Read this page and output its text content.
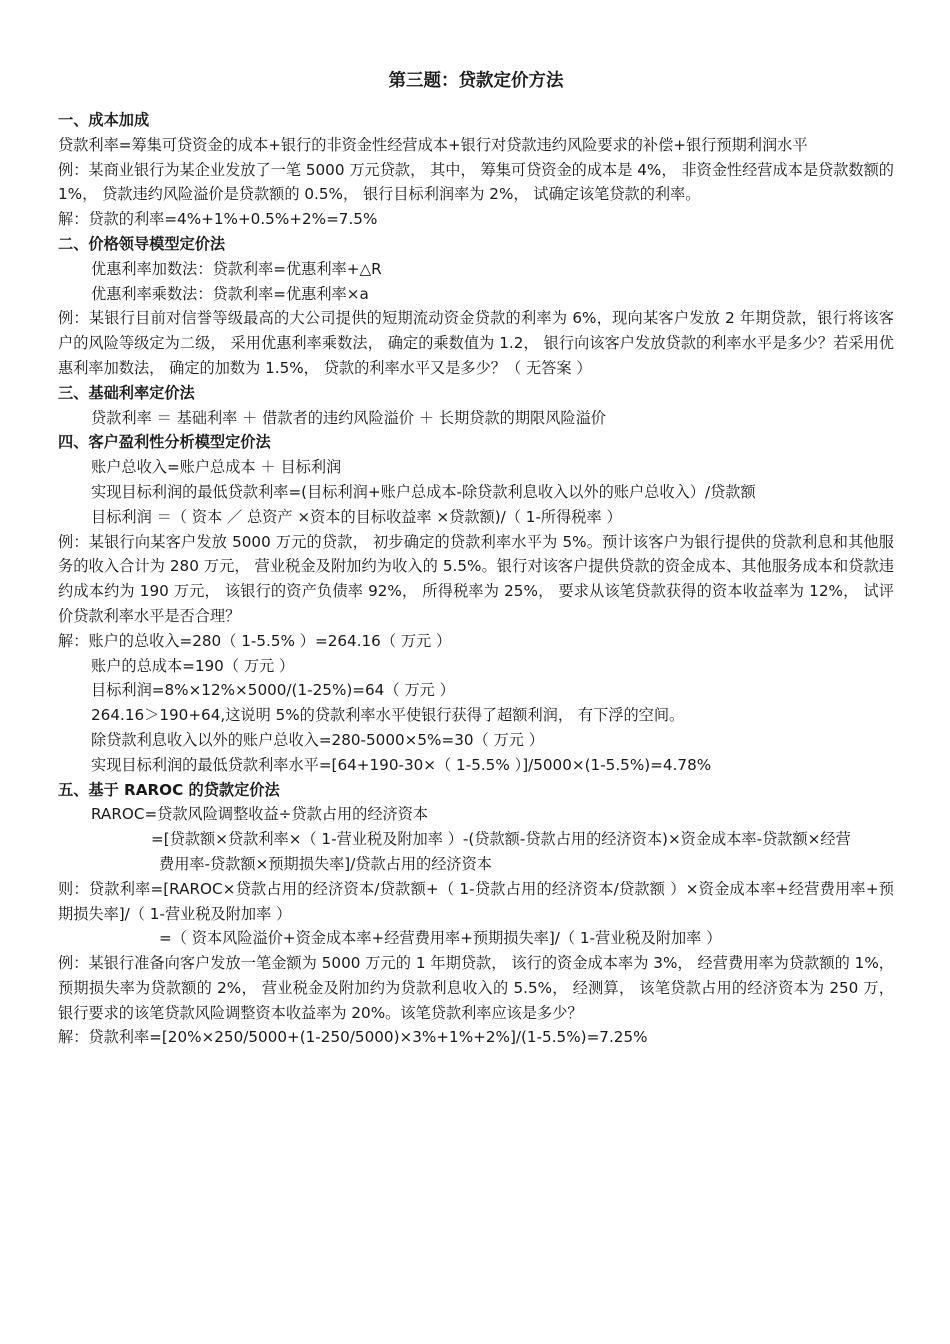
第三题：贷款定价方法
一、成本加成
贷款利率=筹集可贷资金的成本+银行的非资金性经营成本+银行对贷款违约风险要求的补偿+银行预期利润水平
例：某商业银行为某企业发放了一笔 5000 万元贷款， 其中， 筹集可贷资金的成本是 4%， 非资金性经营成本是贷款数额的 1%， 贷款违约风险溢价是贷款额的 0.5%， 银行目标利润率为 2%， 试确定该笔贷款的利率。
解：贷款的利率=4%+1%+0.5%+2%=7.5%
二、价格领导模型定价法
优惠利率加数法：贷款利率=优惠利率+△R
优惠利率乘数法：贷款利率=优惠利率×a
例：某银行目前对信誉等级最高的大公司提供的短期流动资金贷款的利率为 6%，现向某客户发放 2 年期贷款，银行将该客户的风险等级定为二级， 采用优惠利率乘数法， 确定的乘数值为 1.2， 银行向该客户发放贷款的利率水平是多少？若采用优惠利率加数法， 确定的加数为 1.5%， 贷款的利率水平又是多少？（ 无答案 ）
三、基础利率定价法
贷款利率 ＝ 基础利率 ＋ 借款者的违约风险溢价 ＋ 长期贷款的期限风险溢价
四、客户盈利性分析模型定价法
账户总收入=账户总成本 ＋ 目标利润
实现目标利润的最低贷款利率=(目标利润+账户总成本-除贷款利息收入以外的账户总收入）/贷款额
目标利润 ＝（ 资本 ／ 总资产 ×资本的目标收益率 ×贷款额)/（ 1-所得税率 ）
例：某银行向某客户发放 5000 万元的贷款， 初步确定的贷款利率水平为 5%。预计该客户为银行提供的贷款利息和其他服务的收入合计为 280 万元， 营业税金及附加约为收入的 5.5%。银行对该客户提供贷款的资金成本、其他服务成本和贷款违约成本约为 190 万元， 该银行的资产负债率 92%， 所得税率为 25%， 要求从该笔贷款获得的资本收益率为 12%， 试评价贷款利率水平是否合理？
解：账户的总收入=280（ 1-5.5% ）=264.16（ 万元 ）
账户的总成本=190（ 万元 ）
目标利润=8%×12%×5000/(1-25%)=64（ 万元 ）
264.16＞190+64,这说明 5%的贷款利率水平使银行获得了超额利润， 有下浮的空间。
除贷款利息收入以外的账户总收入=280-5000×5%=30（ 万元 ）
实现目标利润的最低贷款利率水平=[64+190-30×（ 1-5.5% ）]/5000×(1-5.5%)=4.78%
五、基于 RAROC 的贷款定价法
RAROC=贷款风险调整收益÷贷款占用的经济资本
=[贷款额×贷款利率×（ 1-营业税及附加率 ）-(贷款额-贷款占用的经济资本)×资金成本率-贷款额×经营
费用率-贷款额×预期损失率]/贷款占用的经济资本
则：贷款利率=[RAROC×贷款占用的经济资本/贷款额+（ 1-贷款占用的经济资本/贷款额 ）×资金成本率+经营费用率+预期损失率]/（ 1-营业税及附加率 ）
=（ 资本风险溢价+资金成本率+经营费用率+预期损失率]/（ 1-营业税及附加率 ）
例：某银行准备向客户发放一笔金额为 5000 万元的 1 年期贷款， 该行的资金成本率为 3%， 经营费用率为贷款额的 1%， 预期损失率为贷款额的 2%， 营业税金及附加约为贷款利息收入的 5.5%， 经测算， 该笔贷款占用的经济资本为 250 万， 银行要求的该笔贷款风险调整资本收益率为 20%。该笔贷款利率应该是多少？
解：贷款利率=[20%×250/5000+(1-250/5000)×3%+1%+2%]/(1-5.5%)=7.25%
